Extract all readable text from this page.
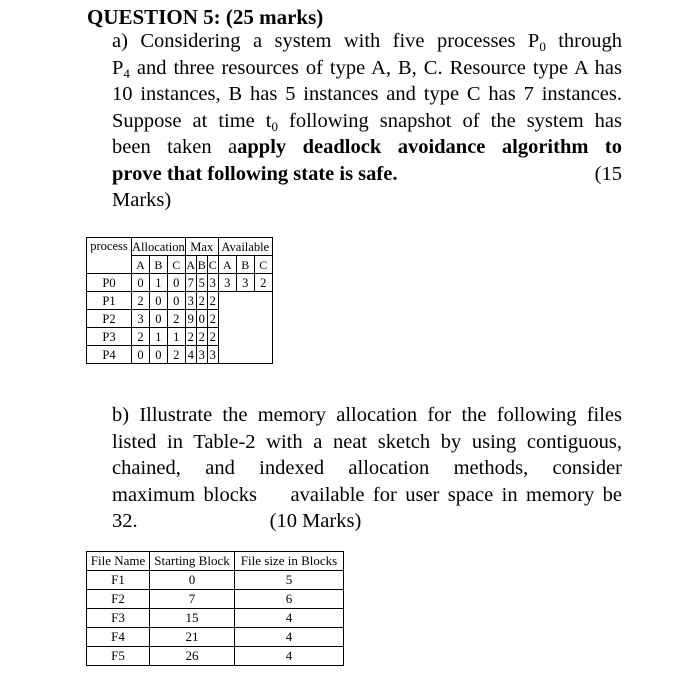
QUESTION 5: (25 marks)
a) Considering a system with five processes $P_0$ through
$P_4$ and three resources of type A, B, C. Resource type A has
10 instances, B has 5 instances and type C has 7 instances.
Suppose at time $t_0$ following snapshot of the system has
been taken aapply deadlock avoidance algorithm to
prove that following state is safe.	(15
Marks)
process	Allocation			Max			Available		
	A	B	C	A	B	C	A	B	C
P0	0	1	0	7	5	3	3	3	2
P1	2	0	0	3	2	2			
P2	3	0	2	9	0	2			
P3	2	1	1	2	2	2			
P4	0	0	2	4	3	3			
b) Illustrate the memory allocation for the following files
listed in Table-2 with a neat sketch by using contiguous,
chained, and indexed allocation methods, consider
maximum blocks    available for user space in memory be
32.	(10 Marks)
File Name	Starting Block	File size in Blocks
F1	0	5
F2	7	6
F3	15	4
F4	21	4
F5	26	4
